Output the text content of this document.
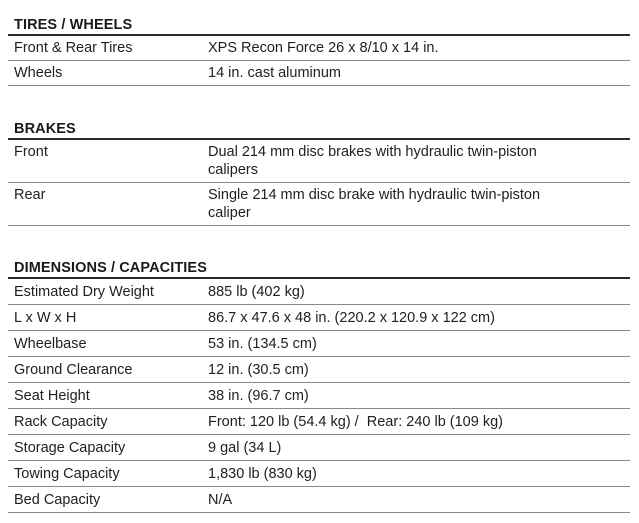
TIRES / WHEELS
Front & Rear Tires	XPS Recon Force 26 x 8/10 x 14 in.
Wheels	14 in. cast aluminum
BRAKES
Front	Dual 214 mm disc brakes with hydraulic twin-piston calipers
Rear	Single 214 mm disc brake with hydraulic twin-piston caliper
DIMENSIONS / CAPACITIES
Estimated Dry Weight	885 lb (402 kg)
L x W x H	86.7 x 47.6 x 48 in. (220.2 x 120.9 x 122 cm)
Wheelbase	53 in. (134.5 cm)
Ground Clearance	12 in. (30.5 cm)
Seat Height	38 in. (96.7 cm)
Rack Capacity	Front: 120 lb (54.4 kg) /  Rear: 240 lb (109 kg)
Storage Capacity	9 gal (34 L)
Towing Capacity	1,830 lb (830 kg)
Bed Capacity	N/A
